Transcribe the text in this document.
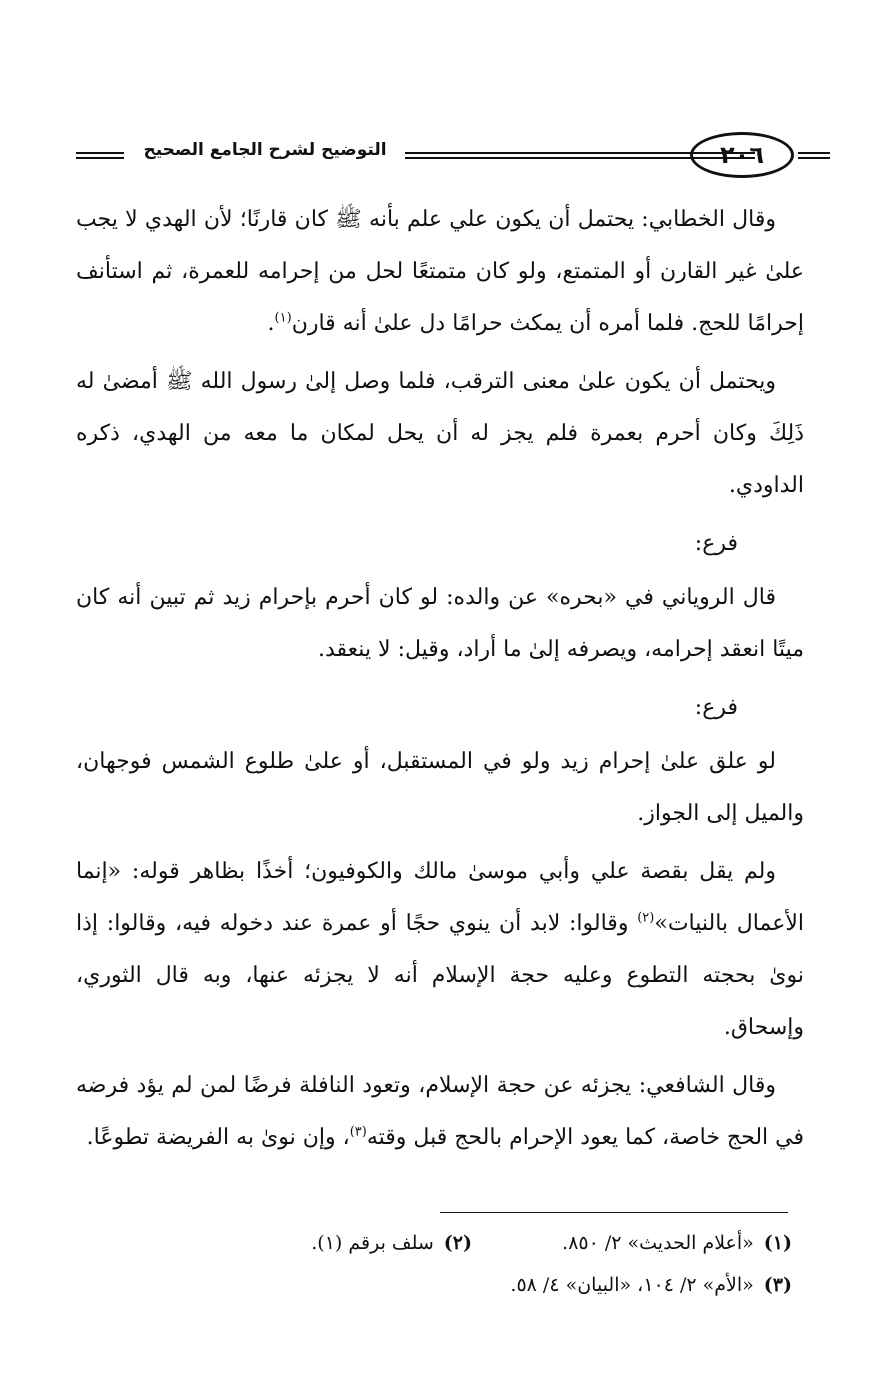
التوضيح لشرح الجامع الصحيح	٢٠٦

وقال الخطابي: يحتمل أن يكون علي علم بأنه ﷺ كان قارنًا؛ لأن الهدي لا يجب علىٰ غير القارن أو المتمتع، ولو كان متمتعًا لحل من إحرامه للعمرة، ثم استأنف إحرامًا للحج. فلما أمره أن يمكث حرامًا دل علىٰ أنه قارن$^{(١)}$.

ويحتمل أن يكون علىٰ معنى الترقب، فلما وصل إلىٰ رسول الله ﷺ أمضىٰ له ذَلِكَ وكان أحرم بعمرة فلم يجز له أن يحل لمكان ما معه من الهدي، ذكره الداودي.

فرع:

قال الروياني في «بحره» عن والده: لو كان أحرم بإحرام زيد ثم تبين أنه كان ميتًا انعقد إحرامه، ويصرفه إلىٰ ما أراد، وقيل: لا ينعقد.

فرع:

لو علق علىٰ إحرام زيد ولو في المستقبل، أو علىٰ طلوع الشمس فوجهان، والميل إلى الجواز.

ولم يقل بقصة علي وأبي موسىٰ مالك والكوفيون؛ أخذًا بظاهر قوله: «إنما الأعمال بالنيات»$^{(٢)}$ وقالوا: لابد أن ينوي حجًا أو عمرة عند دخوله فيه، وقالوا: إذا نوىٰ بحجته التطوع وعليه حجة الإسلام أنه لا يجزئه عنها، وبه قال الثوري، وإسحاق.

وقال الشافعي: يجزئه عن حجة الإسلام، وتعود النافلة فرضًا لمن لم يؤد فرضه في الحج خاصة، كما يعود الإحرام بالحج قبل وقته$^{(٣)}$، وإن نوىٰ به الفريضة تطوعًا.

(١)«أعلام الحديث» ٢/ ٨٥٠.
(٢)سلف برقم (١).
(٣)«الأم» ٢/ ١٠٤، «البيان» ٤/ ٥٨.
